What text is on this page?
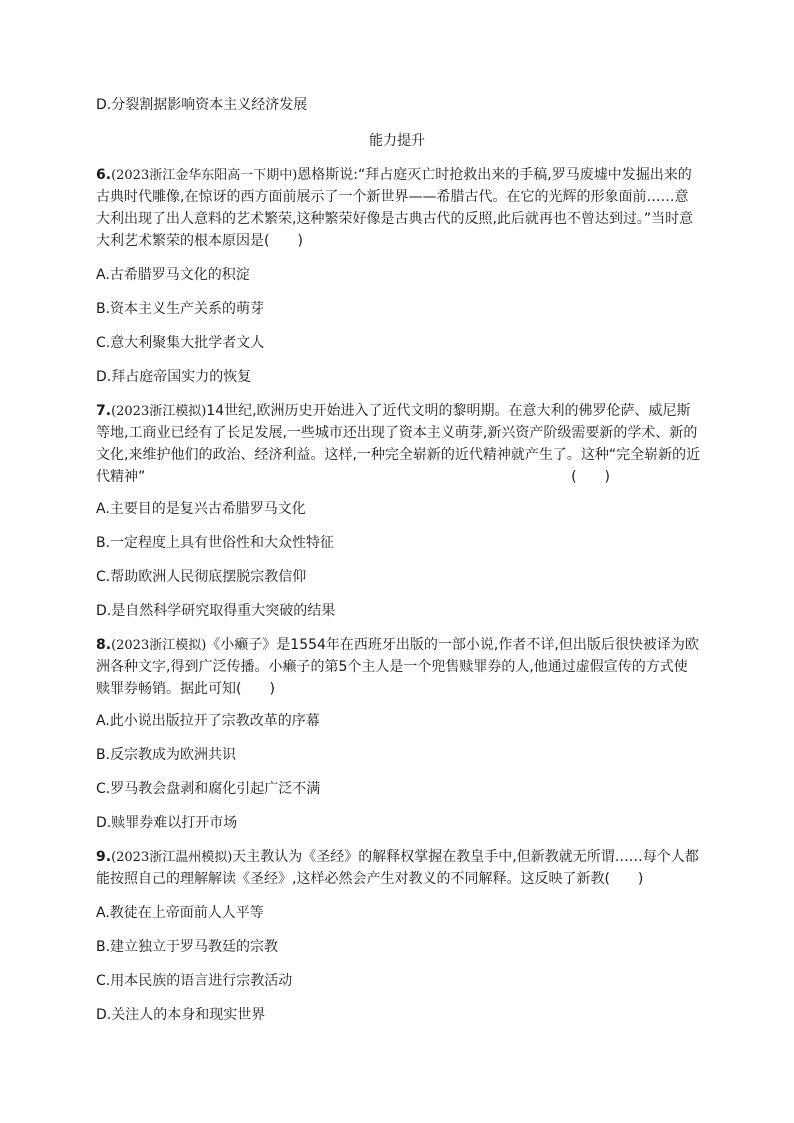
D.分裂割据影响资本主义经济发展
能力提升
6.(2023浙江金华东阳高一下期中)恩格斯说:“拜占庭灭亡时抢救出来的手稿,罗马废墟中发掘出来的
古典时代雕像,在惊讶的西方面前展示了一个新世界——希腊古代。在它的光辉的形象面前……意
大利出现了出人意料的艺术繁荣,这种繁荣好像是古典古代的反照,此后就再也不曾达到过。”当时意
大利艺术繁荣的根本原因是(　　)
A.古希腊罗马文化的积淀
B.资本主义生产关系的萌芽
C.意大利聚集大批学者文人
D.拜占庭帝国实力的恢复
7.(2023浙江模拟)14世纪,欧洲历史开始进入了近代文明的黎明期。在意大利的佛罗伦萨、威尼斯
等地,工商业已经有了长足发展,一些城市还出现了资本主义萌芽,新兴资产阶级需要新的学术、新的
文化,来维护他们的政治、经济利益。这样,一种完全崭新的近代精神就产生了。这种“完全崭新的近
代精神”	(　　)
A.主要目的是复兴古希腊罗马文化
B.一定程度上具有世俗性和大众性特征
C.帮助欧洲人民彻底摆脱宗教信仰
D.是自然科学研究取得重大突破的结果
8.(2023浙江模拟)《小癞子》是1554年在西班牙出版的一部小说,作者不详,但出版后很快被译为欧
洲各种文字,得到广泛传播。小癞子的第5个主人是一个兜售赎罪券的人,他通过虚假宣传的方式使
赎罪券畅销。据此可知(　　)
A.此小说出版拉开了宗教改革的序幕
B.反宗教成为欧洲共识
C.罗马教会盘剥和腐化引起广泛不满
D.赎罪券难以打开市场
9.(2023浙江温州模拟)天主教认为《圣经》的解释权掌握在教皇手中,但新教就无所谓……每个人都
能按照自己的理解解读《圣经》,这样必然会产生对教义的不同解释。这反映了新教(　　)
A.教徒在上帝面前人人平等
B.建立独立于罗马教廷的宗教
C.用本民族的语言进行宗教活动
D.关注人的本身和现实世界
